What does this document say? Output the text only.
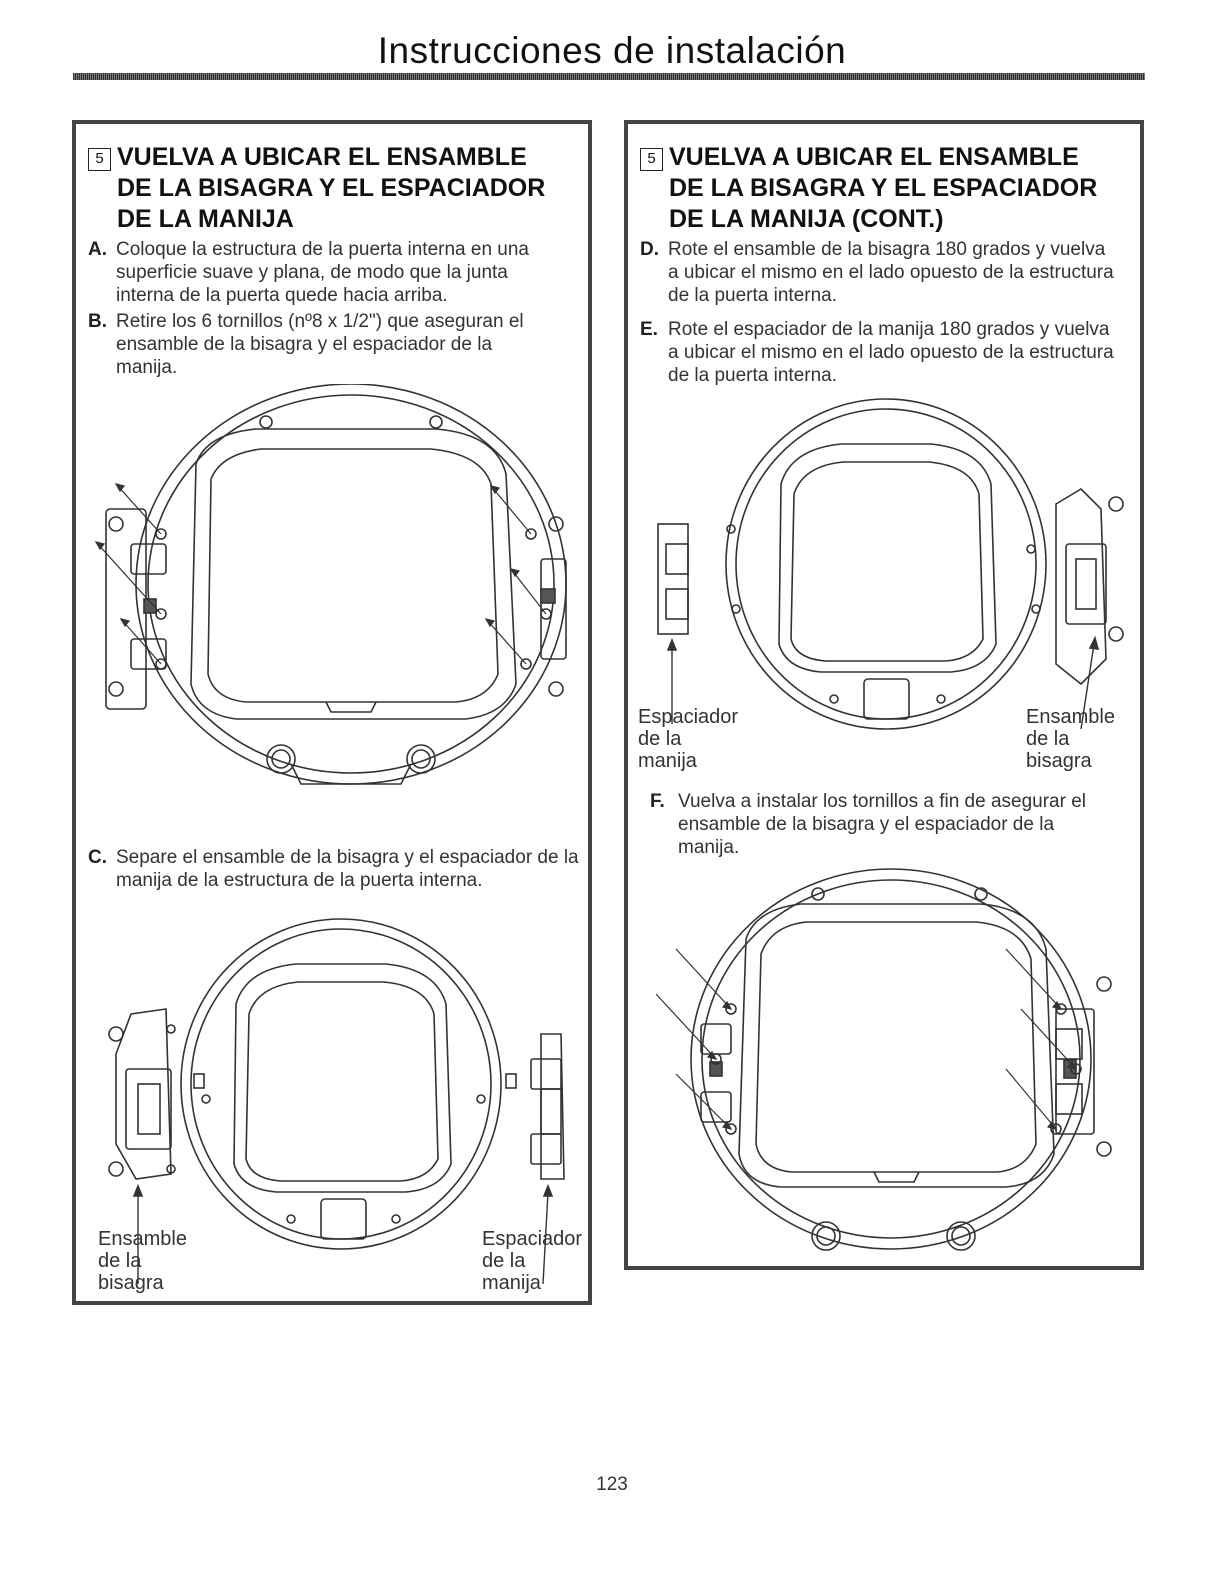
Instrucciones de instalación
5 VUELVA A UBICAR EL ENSAMBLE DE LA BISAGRA Y EL ESPACIADOR DE LA MANIJA
A. Coloque la estructura de la puerta interna en una superficie suave y plana, de modo que la junta interna de la puerta quede hacia arriba.
B. Retire los 6 tornillos (nº8 x 1/2") que aseguran el ensamble de la bisagra y el espaciador de la manija.
C. Separe el ensamble de la bisagra y el espaciador de la manija de la estructura de la puerta interna.
Ensamble
de la
bisagra
Espaciador
de la
manija
5 VUELVA A UBICAR EL ENSAMBLE DE LA BISAGRA Y EL ESPACIADOR DE LA MANIJA (CONT.)
D. Rote el ensamble de la bisagra 180 grados y vuelva a ubicar el mismo en el lado opuesto de la estructura de la puerta interna.
E. Rote el espaciador de la manija 180 grados y vuelva a ubicar el mismo en el lado opuesto de la estructura de la puerta interna.
Espaciador
de la
manija
Ensamble
de la
bisagra
F. Vuelva a instalar los tornillos a fin de asegurar el ensamble de la bisagra y el espaciador de la manija.
123
